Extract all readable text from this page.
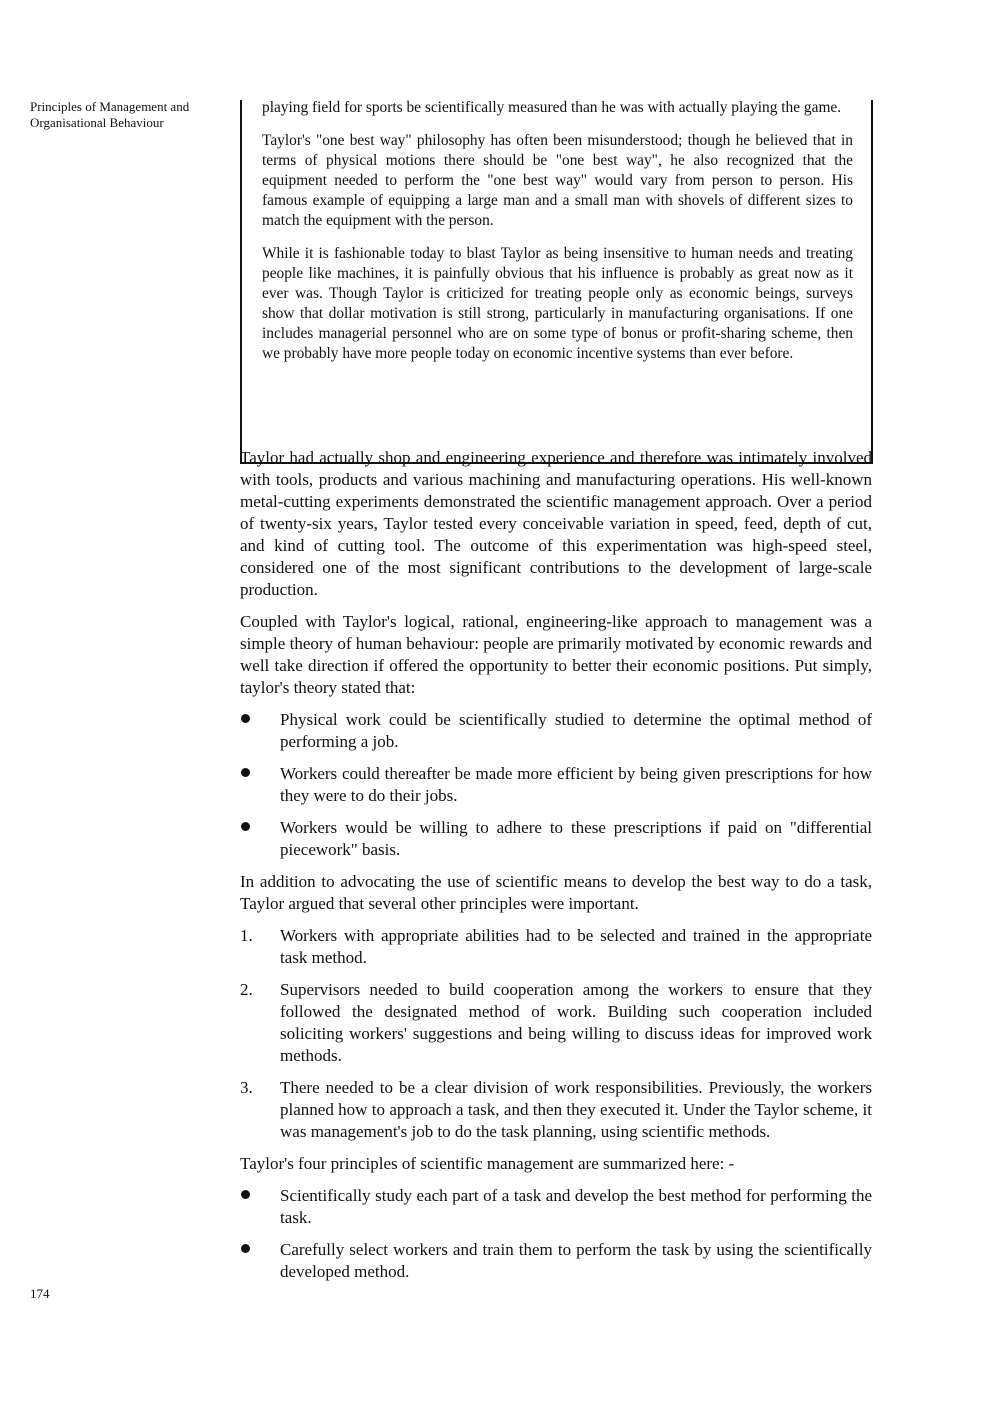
Principles of Management and Organisational Behaviour

playing field for sports be scientifically measured than he was with actually playing the game.

Taylor's "one best way" philosophy has often been misunderstood; though he believed that in terms of physical motions there should be "one best way", he also recognized that the equipment needed to perform the "one best way" would vary from person to person. His famous example of equipping a large man and a small man with shovels of different sizes to match the equipment with the person.

While it is fashionable today to blast Taylor as being insensitive to human needs and treating people like machines, it is painfully obvious that his influence is probably as great now as it ever was. Though Taylor is criticized for treating people only as economic beings, surveys show that dollar motivation is still strong, particularly in manufacturing organisations. If one includes managerial personnel who are on some type of bonus or profit-sharing scheme, then we probably have more people today on economic incentive systems than ever before.

Taylor had actually shop and engineering experience and therefore was intimately involved with tools, products and various machining and manufacturing operations. His well-known metal-cutting experiments demonstrated the scientific management approach. Over a period of twenty-six years, Taylor tested every conceivable variation in speed, feed, depth of cut, and kind of cutting tool. The outcome of this experimentation was high-speed steel, considered one of the most significant contributions to the development of large-scale production.

Coupled with Taylor's logical, rational, engineering-like approach to management was a simple theory of human behaviour: people are primarily motivated by economic rewards and well take direction if offered the opportunity to better their economic positions. Put simply, taylor's theory stated that:

Physical work could be scientifically studied to determine the optimal method of performing a job.
Workers could thereafter be made more efficient by being given prescriptions for how they were to do their jobs.
Workers would be willing to adhere to these prescriptions if paid on "differential piecework" basis.

In addition to advocating the use of scientific means to develop the best way to do a task, Taylor argued that several other principles were important.

1.	Workers with appropriate abilities had to be selected and trained in the appropriate task method.
2.	Supervisors needed to build cooperation among the workers to ensure that they followed the designated method of work. Building such cooperation included soliciting workers' suggestions and being willing to discuss ideas for improved work methods.
3.	There needed to be a clear division of work responsibilities. Previously, the workers planned how to approach a task, and then they executed it. Under the Taylor scheme, it was management's job to do the task planning, using scientific methods.

Taylor's four principles of scientific management are summarized here: -

Scientifically study each part of a task and develop the best method for performing the task.
Carefully select workers and train them to perform the task by using the scientifically developed method.
174
